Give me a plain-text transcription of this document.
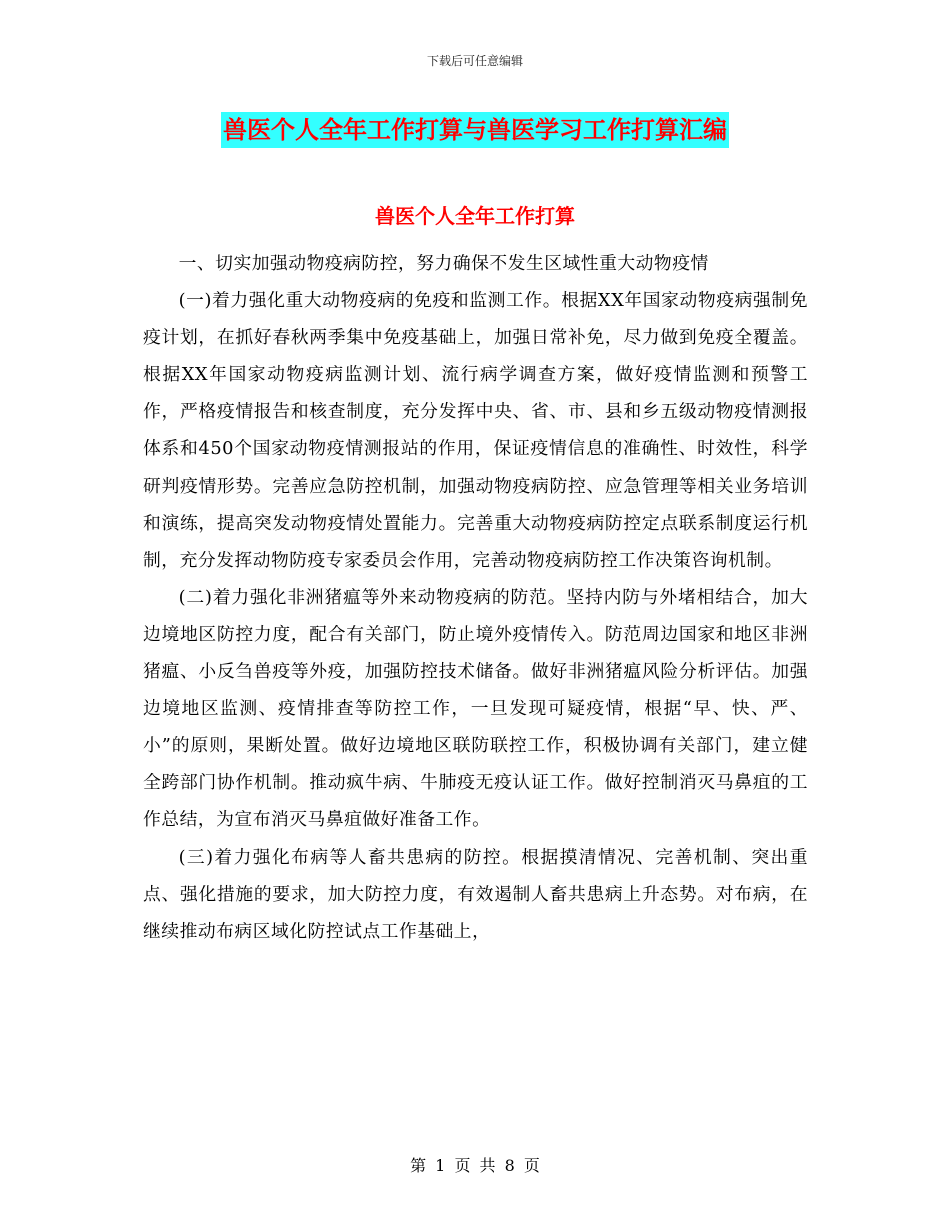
下载后可任意编辑
兽医个人全年工作打算与兽医学习工作打算汇编
兽医个人全年工作打算

一、切实加强动物疫病防控，努力确保不发生区域性重大动物疫情

(一)着力强化重大动物疫病的免疫和监测工作。根据XX年国家动物疫病强制免疫计划，在抓好春秋两季集中免疫基础上，加强日常补免，尽力做到免疫全覆盖。根据XX年国家动物疫病监测计划、流行病学调查方案，做好疫情监测和预警工作，严格疫情报告和核查制度，充分发挥中央、省、市、县和乡五级动物疫情测报体系和450个国家动物疫情测报站的作用，保证疫情信息的准确性、时效性，科学研判疫情形势。完善应急防控机制，加强动物疫病防控、应急管理等相关业务培训和演练，提高突发动物疫情处置能力。完善重大动物疫病防控定点联系制度运行机制，充分发挥动物防疫专家委员会作用，完善动物疫病防控工作决策咨询机制。

(二)着力强化非洲猪瘟等外来动物疫病的防范。坚持内防与外堵相结合，加大边境地区防控力度，配合有关部门，防止境外疫情传入。防范周边国家和地区非洲猪瘟、小反刍兽疫等外疫，加强防控技术储备。做好非洲猪瘟风险分析评估。加强边境地区监测、疫情排查等防控工作，一旦发现可疑疫情，根据“早、快、严、小”的原则，果断处置。做好边境地区联防联控工作，积极协调有关部门，建立健全跨部门协作机制。推动疯牛病、牛肺疫无疫认证工作。做好控制消灭马鼻疽的工作总结，为宣布消灭马鼻疽做好准备工作。

(三)着力强化布病等人畜共患病的防控。根据摸清情况、完善机制、突出重点、强化措施的要求，加大防控力度，有效遏制人畜共患病上升态势。对布病，在继续推动布病区域化防控试点工作基础上，

第 1 页 共 8 页
